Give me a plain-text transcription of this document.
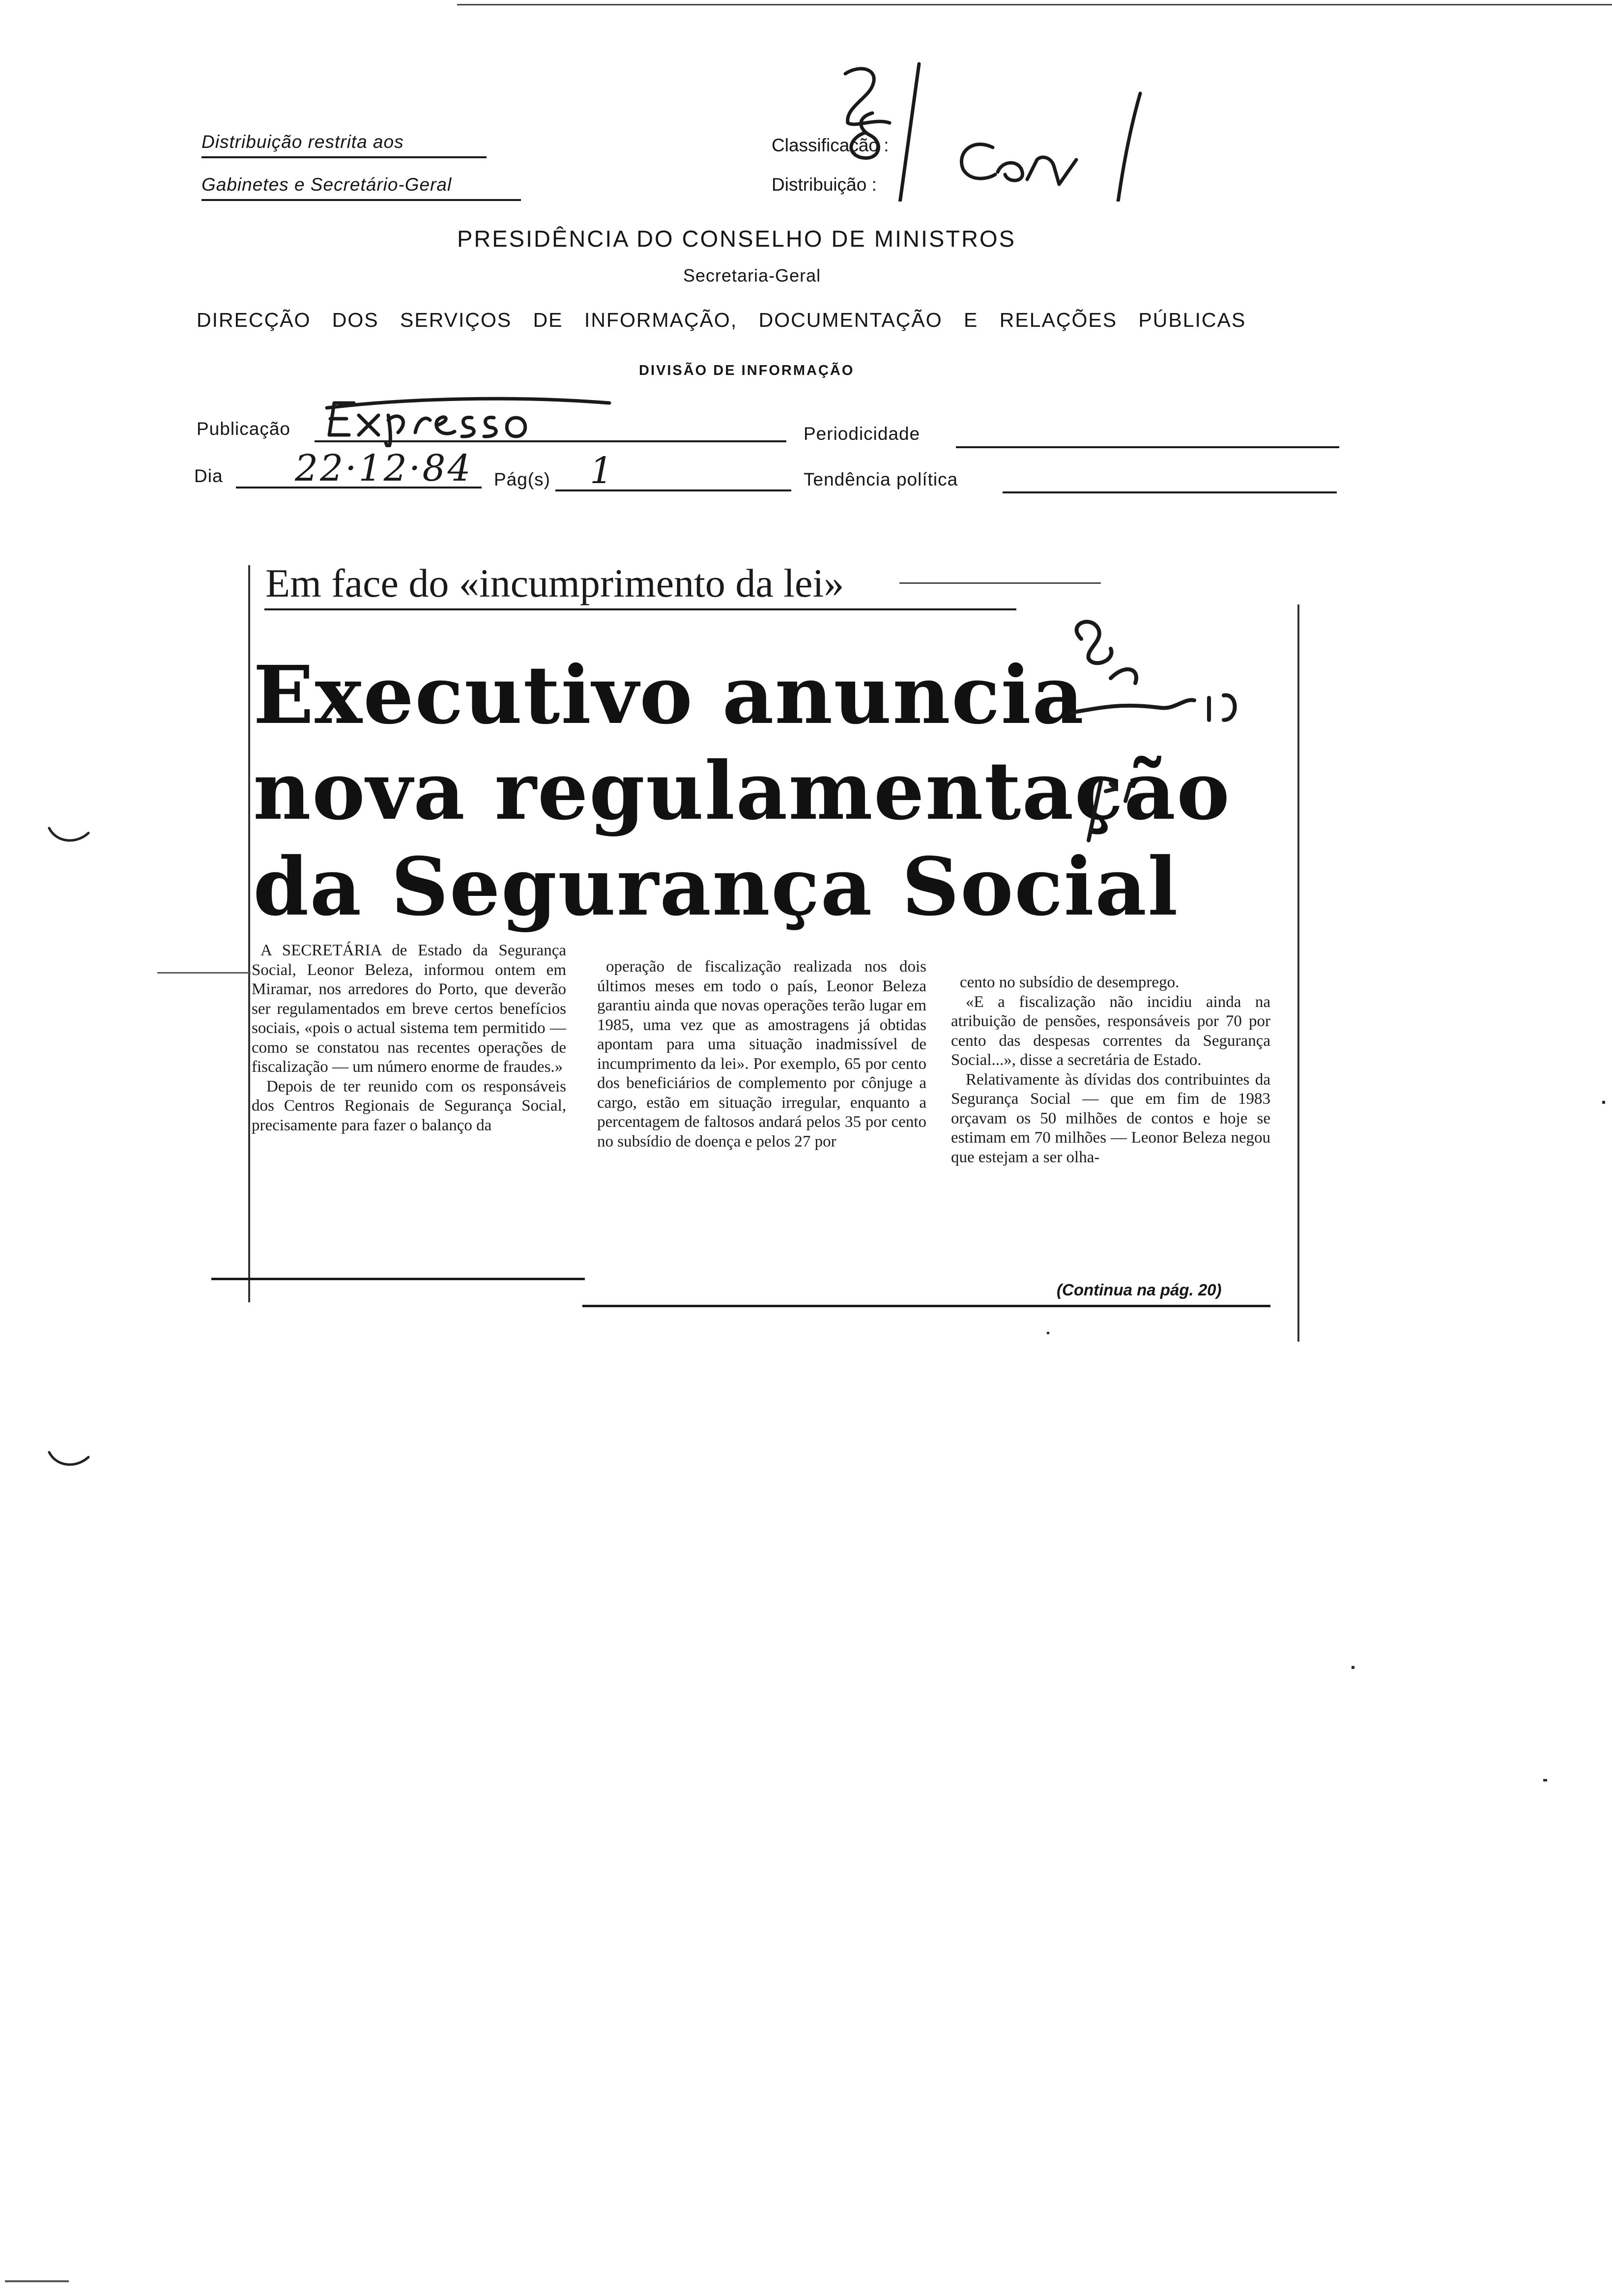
Distribuição restrita aos
Gabinetes e Secretário-Geral
Classificação :
Distribuição :
PRESIDÊNCIA DO CONSELHO DE MINISTROS
Secretaria-Geral
DIRECÇÃO DOS SERVIÇOS DE INFORMAÇÃO, DOCUMENTAÇÃO E RELAÇÕES PÚBLICAS
DIVISÃO DE INFORMAÇÃO
Publicação	Periodicidade
Dia 22·12·84 Pág(s) 1	Tendência política
Em face do «incumprimento da lei»
Executivo anuncia
nova regulamentação
da Segurança Social

A SECRETÁRIA de Estado da Segurança Social, Leonor Beleza, informou ontem em Miramar, nos arredores do Porto, que deverão ser regulamentados em breve certos benefícios sociais, «pois o actual sistema tem permitido — como se constatou nas recentes operações de fiscalização — um número enorme de fraudes.»

Depois de ter reunido com os responsáveis dos Centros Regionais de Segurança Social, precisamente para fazer o balanço da

operação de fiscalização realizada nos dois últimos meses em todo o país, Leonor Beleza garantiu ainda que novas operações terão lugar em 1985, uma vez que as amostragens já obtidas apontam para uma situação inadmissível de incumprimento da lei». Por exemplo, 65 por cento dos beneficiários de complemento por cônjuge a cargo, estão em situação irregular, enquanto a percentagem de faltosos andará pelos 35 por cento no subsídio de doença e pelos 27 por

cento no subsídio de desemprego.

«E a fiscalização não incidiu ainda na atribuição de pensões, responsáveis por 70 por cento das despesas correntes da Segurança Social...», disse a secretária de Estado.

Relativamente às dívidas dos contribuintes da Segurança Social — que em fim de 1983 orçavam os 50 milhões de contos e hoje se estimam em 70 milhões — Leonor Beleza negou que estejam a ser olha-

(Continua na pág. 20)
